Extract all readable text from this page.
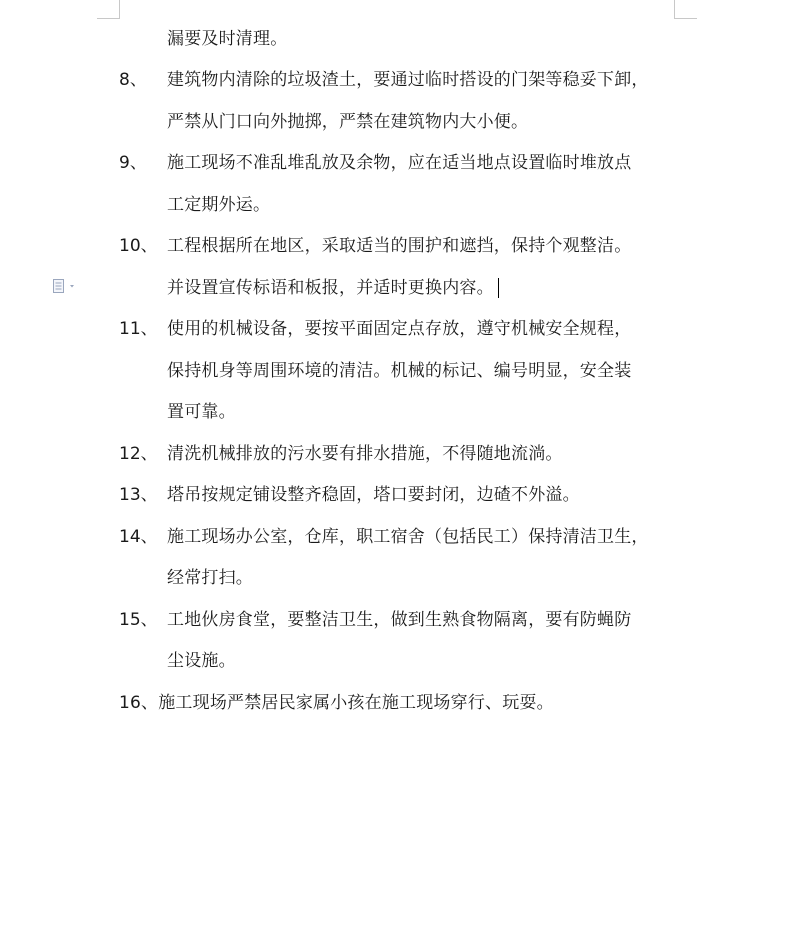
漏要及时清理。
8、 建筑物内清除的垃圾渣土，要通过临时搭设的门架等稳妥下卸，
严禁从门口向外抛掷，严禁在建筑物内大小便。
9、 施工现场不准乱堆乱放及余物，应在适当地点设置临时堆放点
工定期外运。
10、 工程根据所在地区，采取适当的围护和遮挡，保持个观整洁。
并设置宣传标语和板报，并适时更换内容。
11、 使用的机械设备，要按平面固定点存放，遵守机械安全规程，
保持机身等周围环境的清洁。机械的标记、编号明显，安全装
置可靠。
12、 清洗机械排放的污水要有排水措施，不得随地流淌。
13、 塔吊按规定铺设整齐稳固，塔口要封闭，边碴不外溢。
14、 施工现场办公室，仓库，职工宿舍（包括民工）保持清洁卫生，
经常打扫。
15、 工地伙房食堂，要整洁卫生，做到生熟食物隔离，要有防蝇防
尘设施。
16、施工现场严禁居民家属小孩在施工现场穿行、玩耍。
